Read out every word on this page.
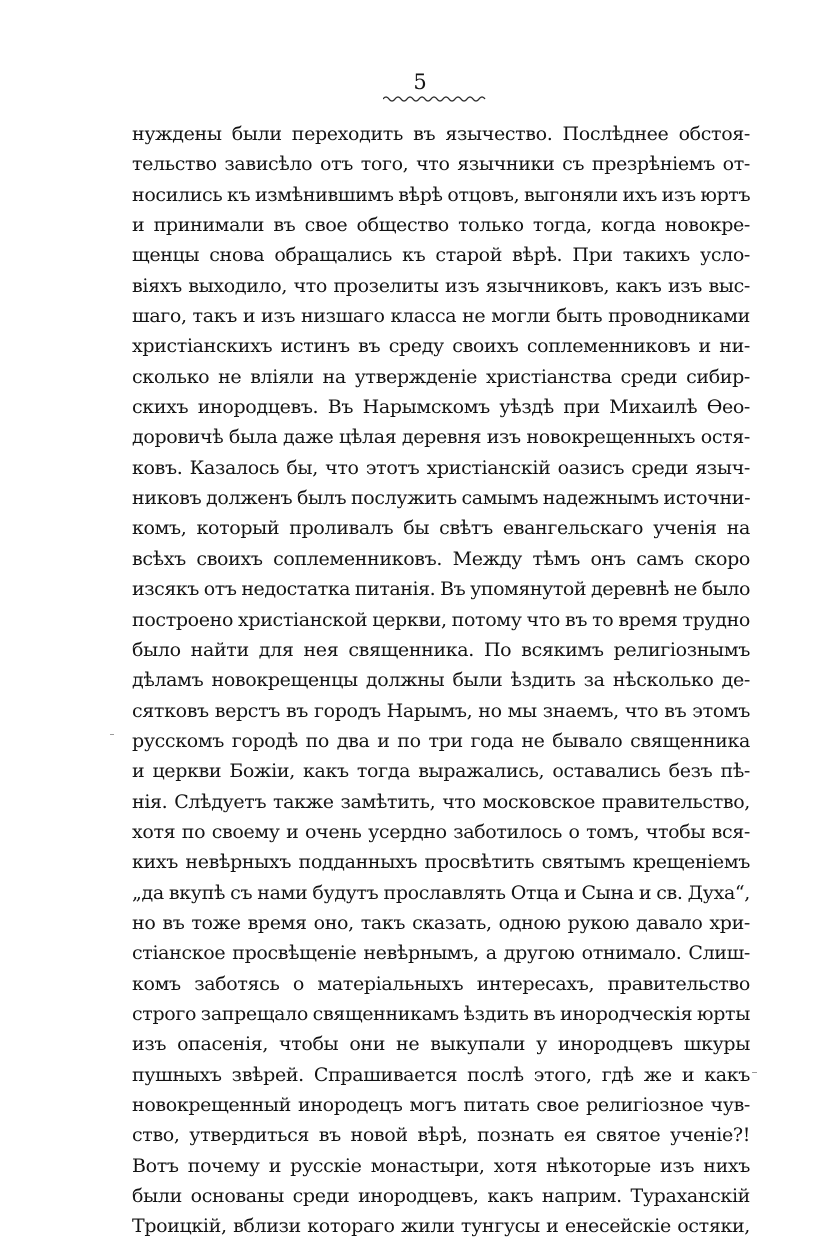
5
нуждены были переходить въ язычество. Послѣднее обстоя-
тельство зависѣло отъ того, что язычники съ презрѣніемъ от-
носились къ измѣнившимъ вѣрѣ отцовъ, выгоняли ихъ изъ юртъ
и принимали въ свое общество только тогда, когда новокре-
щенцы снова обращались къ старой вѣрѣ. При такихъ усло-
віяхъ выходило, что прозелиты изъ язычниковъ, какъ изъ выс-
шаго, такъ и изъ низшаго класса не могли быть проводниками
христіанскихъ истинъ въ среду своихъ соплеменниковъ и ни-
сколько не вліяли на утвержденіе христіанства среди сибир-
скихъ инородцевъ. Въ Нарымскомъ уѣздѣ при Михаилѣ Ѳео-
доровичѣ была даже цѣлая деревня изъ новокрещенныхъ остя-
ковъ. Казалось бы, что этотъ христіанскій оазисъ среди языч-
никовъ долженъ былъ послужить самымъ надежнымъ источни-
комъ, который проливалъ бы свѣтъ евангельскаго ученія на
всѣхъ своихъ соплеменниковъ. Между тѣмъ онъ самъ скоро
изсякъ отъ недостатка питанія. Въ упомянутой деревнѣ не было
построено христіанской церкви, потому что въ то время трудно
было найти для нея священника. По всякимъ религіознымъ
дѣламъ новокрещенцы должны были ѣздить за нѣсколько де-
сятковъ верстъ въ городъ Нарымъ, но мы знаемъ, что въ этомъ
русскомъ городѣ по два и по три года не бывало священника
и церкви Божіи, какъ тогда выражались, оставались безъ пѣ-
нія. Слѣдуетъ также замѣтить, что московское правительство,
хотя по своему и очень усердно заботилось о томъ, чтобы вся-
кихъ невѣрныхъ подданныхъ просвѣтить святымъ крещеніемъ
„да вкупѣ съ нами будутъ прославлять Отца и Сына и св. Духа“,
но въ тоже время оно, такъ сказать, одною рукою давало хри-
стіанское просвѣщеніе невѣрнымъ, а другою отнимало. Слиш-
комъ заботясь о матеріальныхъ интересахъ, правительство
строго запрещало священникамъ ѣздить въ инородческія юрты
изъ опасенія, чтобы они не выкупали у инородцевъ шкуры
пушныхъ звѣрей. Спрашивается послѣ этого, гдѣ же и какъ
новокрещенный инородецъ могъ питать свое религіозное чув-
ство, утвердиться въ новой вѣрѣ, познать ея святое ученіе?!
Вотъ почему и русскіе монастыри, хотя нѣкоторые изъ нихъ
были основаны среди инородцевъ, какъ наприм. Тураханскій
Троицкій, вблизи котораго жили тунгусы и енесейскіе остяки,
